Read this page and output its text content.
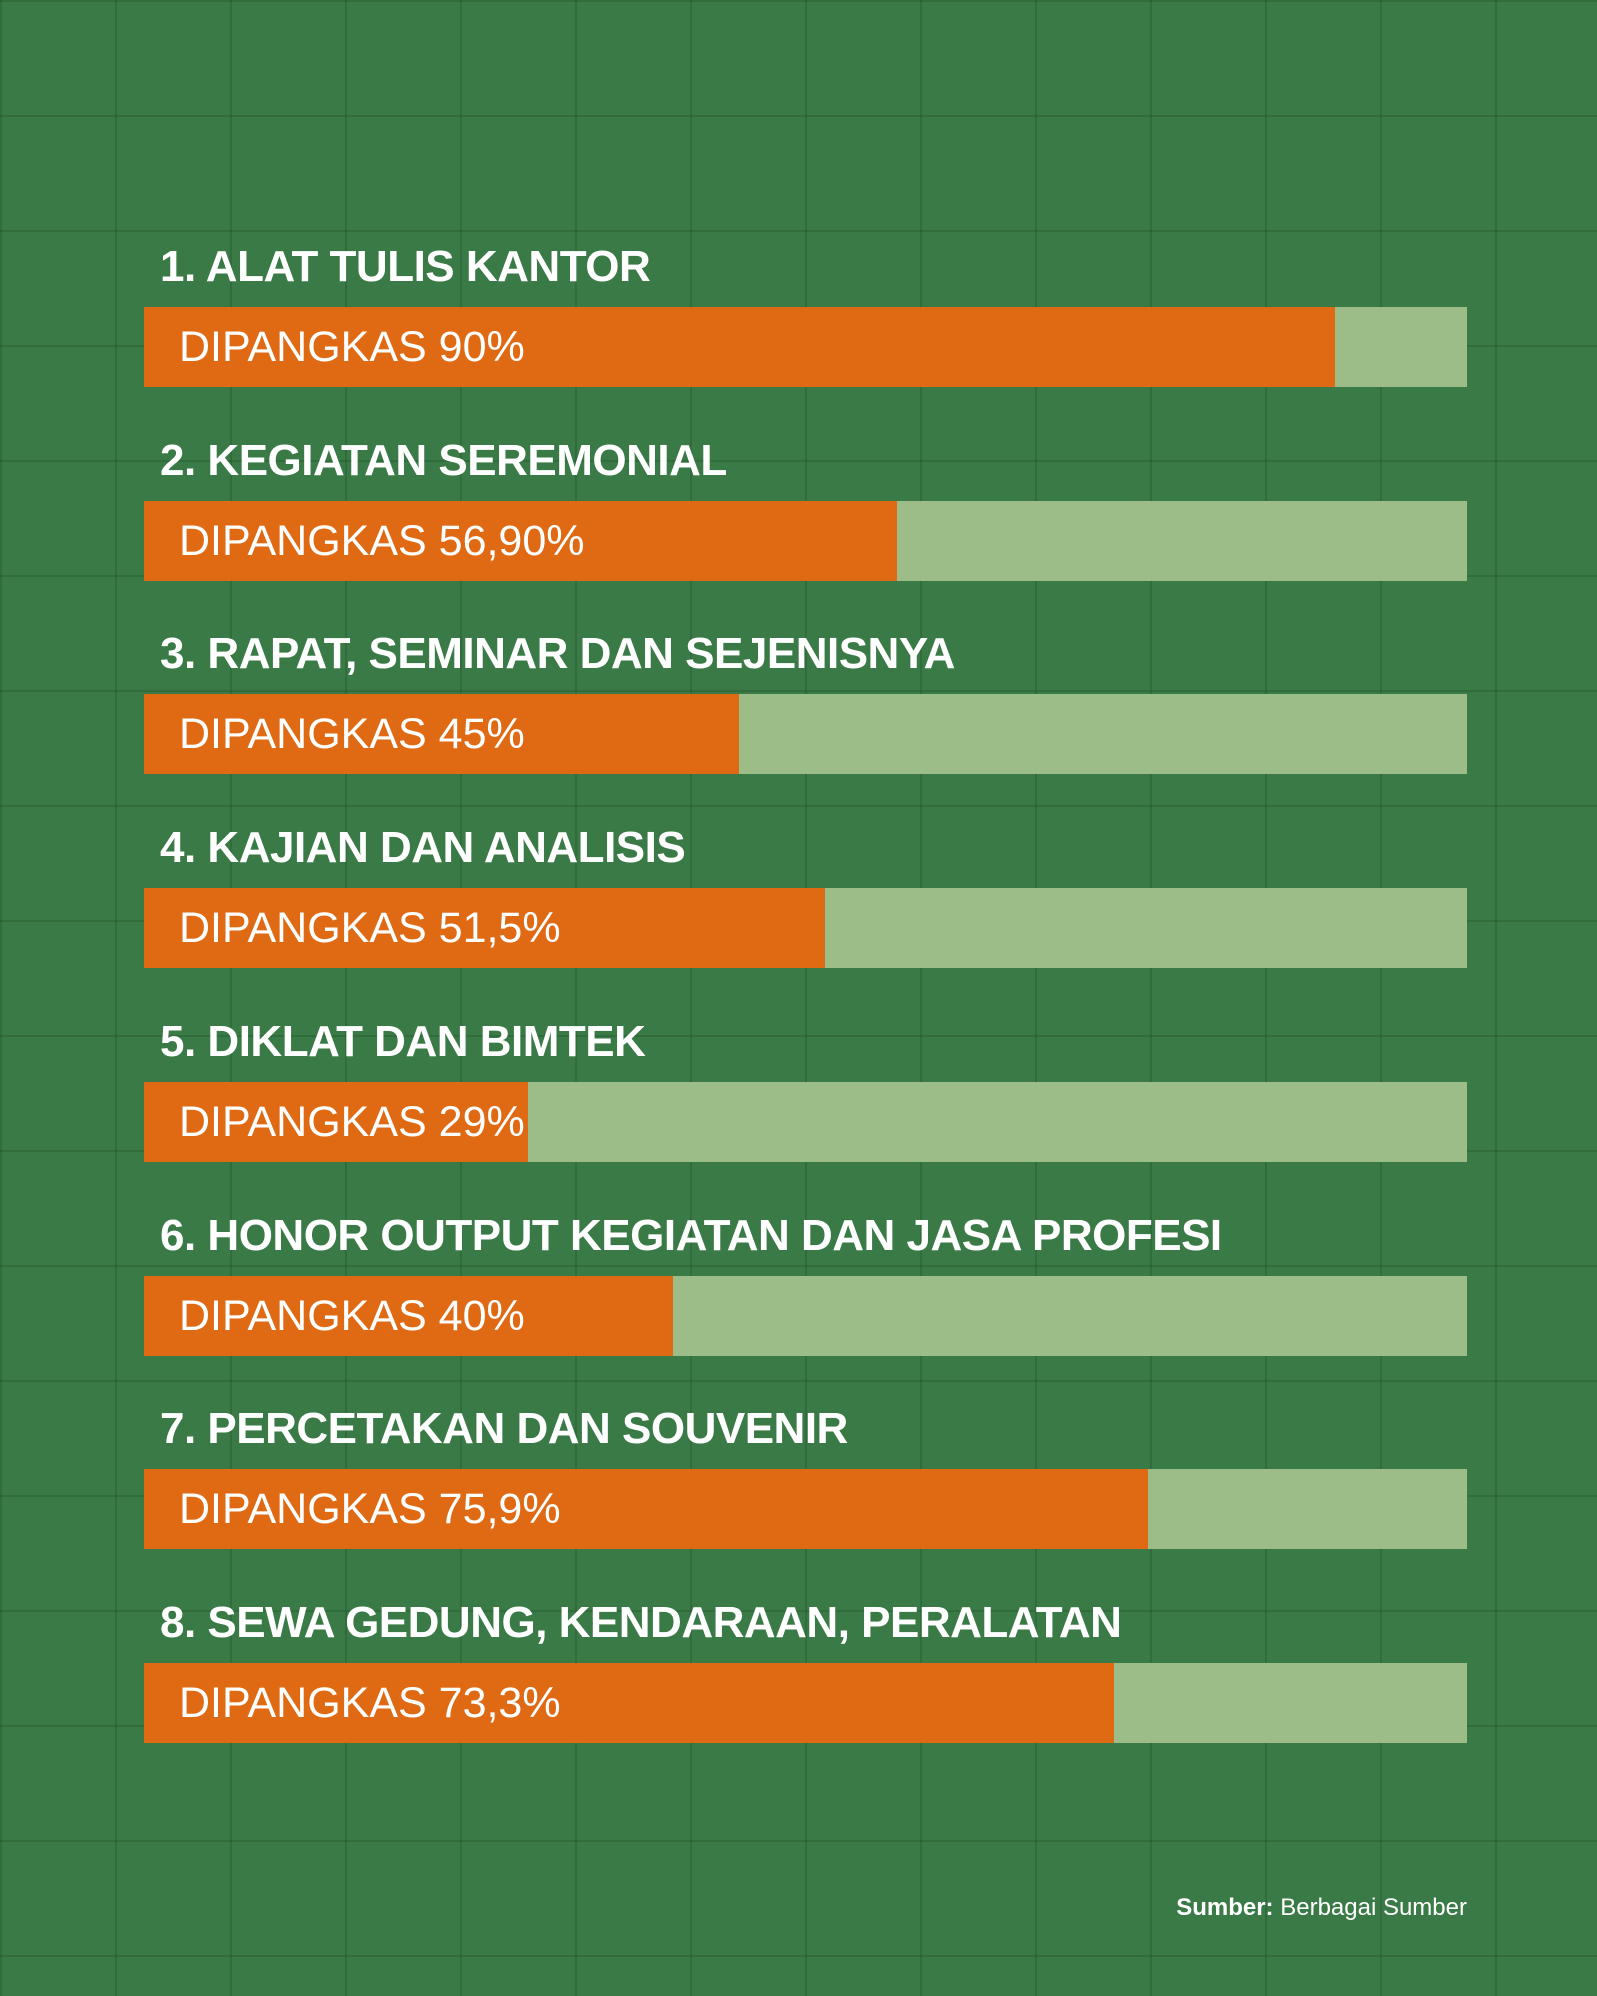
1. ALAT TULIS KANTOR
DIPANGKAS 90%
2. KEGIATAN SEREMONIAL
DIPANGKAS 56,90%
3. RAPAT, SEMINAR DAN SEJENISNYA
DIPANGKAS 45%
4. KAJIAN DAN ANALISIS
DIPANGKAS 51,5%
5. DIKLAT DAN BIMTEK
DIPANGKAS 29%
6. HONOR OUTPUT KEGIATAN DAN JASA PROFESI
DIPANGKAS 40%
7. PERCETAKAN DAN SOUVENIR
DIPANGKAS 75,9%
8. SEWA GEDUNG, KENDARAAN, PERALATAN
DIPANGKAS 73,3%
Sumber: Berbagai Sumber
